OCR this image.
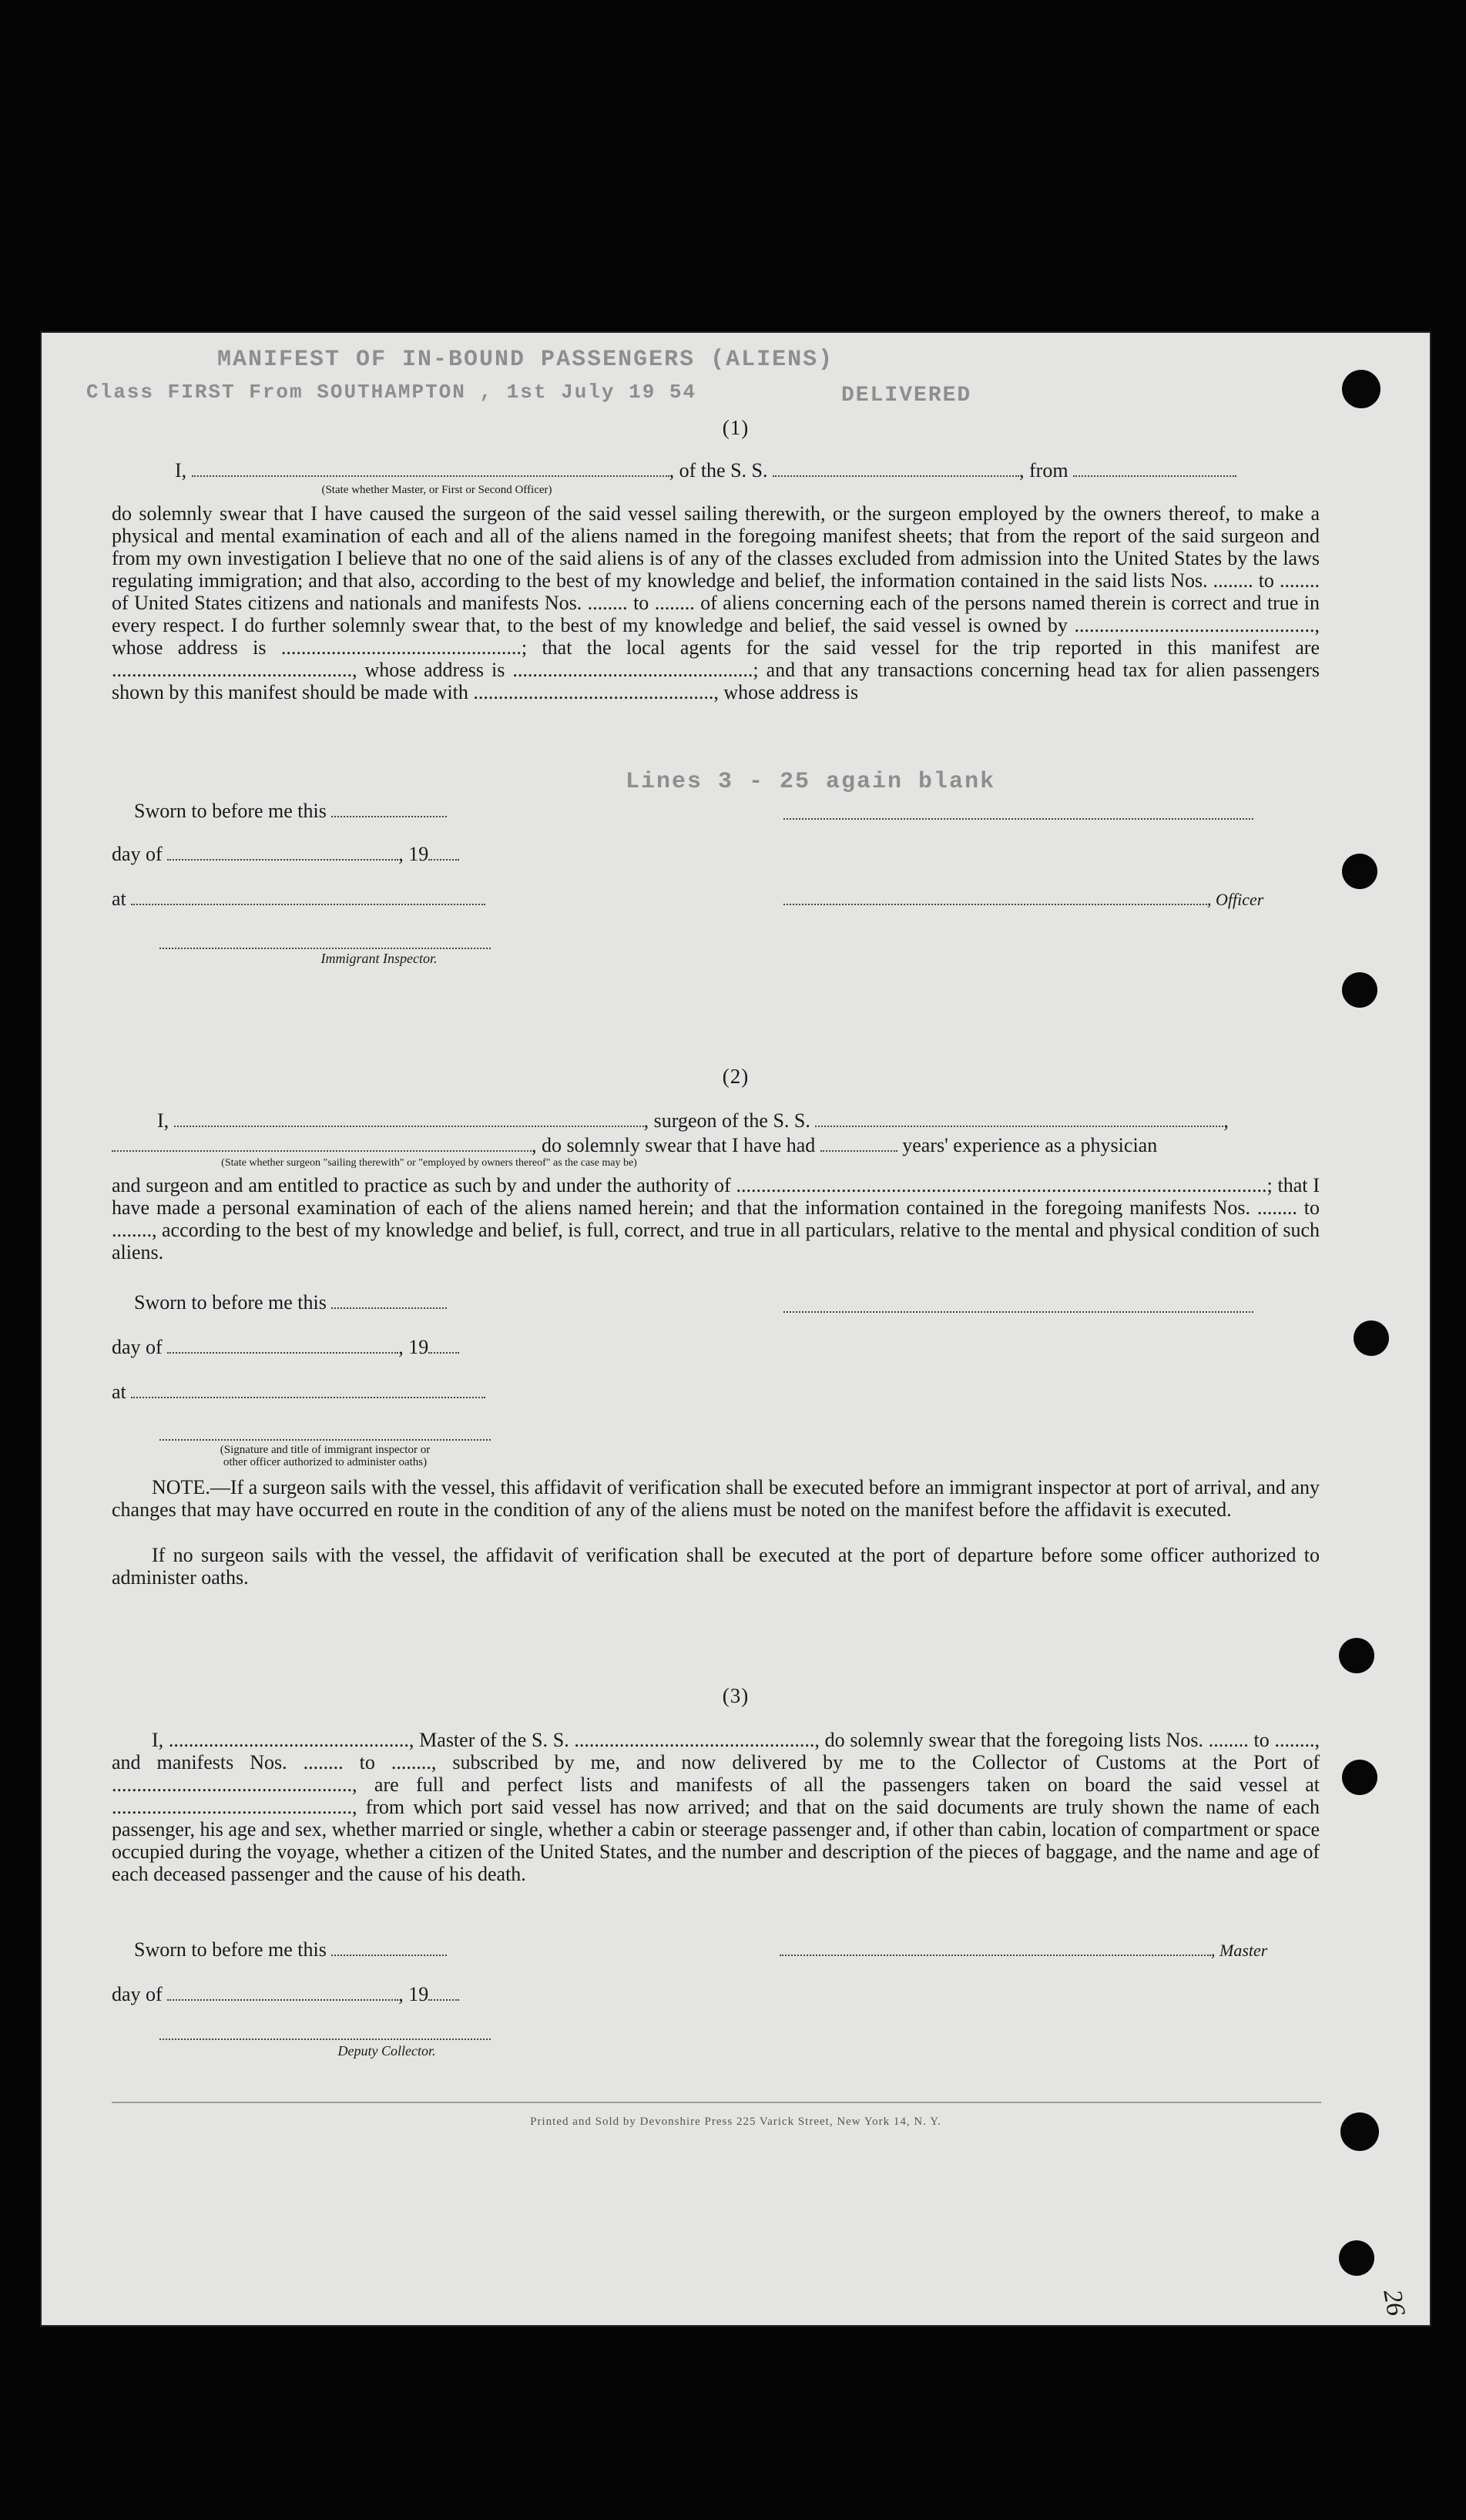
MANIFEST OF IN-BOUND PASSENGERS (ALIENS)
Class FIRST From SOUTHAMPTON , 1st July 19 54	DELIVERED
(1)
I,	, of the S. S.	, from
(State whether Master, or First or Second Officer)

do solemnly swear that I have caused the surgeon of the said vessel sailing therewith, or the surgeon employed by the owners thereof, to make a physical and mental examination of each and all of the aliens named in the foregoing manifest sheets; that from the report of the said surgeon and from my own investigation I believe that no one of the said aliens is of any of the classes excluded from admission into the United States by the laws regulating immigration; and that also, according to the best of my knowledge and belief, the information contained in the said lists Nos. ........ to ........ of United States citizens and nationals and manifests Nos. ........ to ........ of aliens concerning each of the persons named therein is correct and true in every respect. I do further solemnly swear that, to the best of my knowledge and belief, the said vessel is owned by ................................................, whose address is ................................................; that the local agents for the said vessel for the trip reported in this manifest are ................................................, whose address is ................................................; and that any transactions concerning head tax for alien passengers shown by this manifest should be made with ................................................, whose address is

Lines 3 - 25 again blank
Sworn to before me this
day of	, 19
at	, Officer
Immigrant Inspector.
(2)
I,	, surgeon of the S. S.	,
, do solemnly swear that I have had	years' experience as a physician
(State whether surgeon "sailing therewith" or "employed by owners thereof" as the case may be)

and surgeon and am entitled to practice as such by and under the authority of ..........................................................................................................; that I have made a personal examination of each of the aliens named herein; and that the information contained in the foregoing manifests Nos. ........ to ........, according to the best of my knowledge and belief, is full, correct, and true in all particulars, relative to the mental and physical condition of such aliens.

Sworn to before me this
day of	, 19
at
(Signature and title of immigrant inspector or
other officer authorized to administer oaths)

NOTE.—If a surgeon sails with the vessel, this affidavit of verification shall be executed before an immigrant inspector at port of arrival, and any changes that may have occurred en route in the condition of any of the aliens must be noted on the manifest before the affidavit is executed.

If no surgeon sails with the vessel, the affidavit of verification shall be executed at the port of departure before some officer authorized to administer oaths.

(3)

I, ................................................, Master of the S. S. ................................................, do solemnly swear that the foregoing lists Nos. ........ to ........, and manifests Nos. ........ to ........, subscribed by me, and now delivered by me to the Collector of Customs at the Port of ................................................, are full and perfect lists and manifests of all the passengers taken on board the said vessel at ................................................, from which port said vessel has now arrived; and that on the said documents are truly shown the name of each passenger, his age and sex, whether married or single, whether a cabin or steerage passenger and, if other than cabin, location of compartment or space occupied during the voyage, whether a citizen of the United States, and the number and description of the pieces of baggage, and the name and age of each deceased passenger and the cause of his death.

Sworn to before me this	, Master
day of	, 19
Deputy Collector.
Printed and Sold by Devonshire Press 225 Varick Street, New York 14, N. Y.
26
